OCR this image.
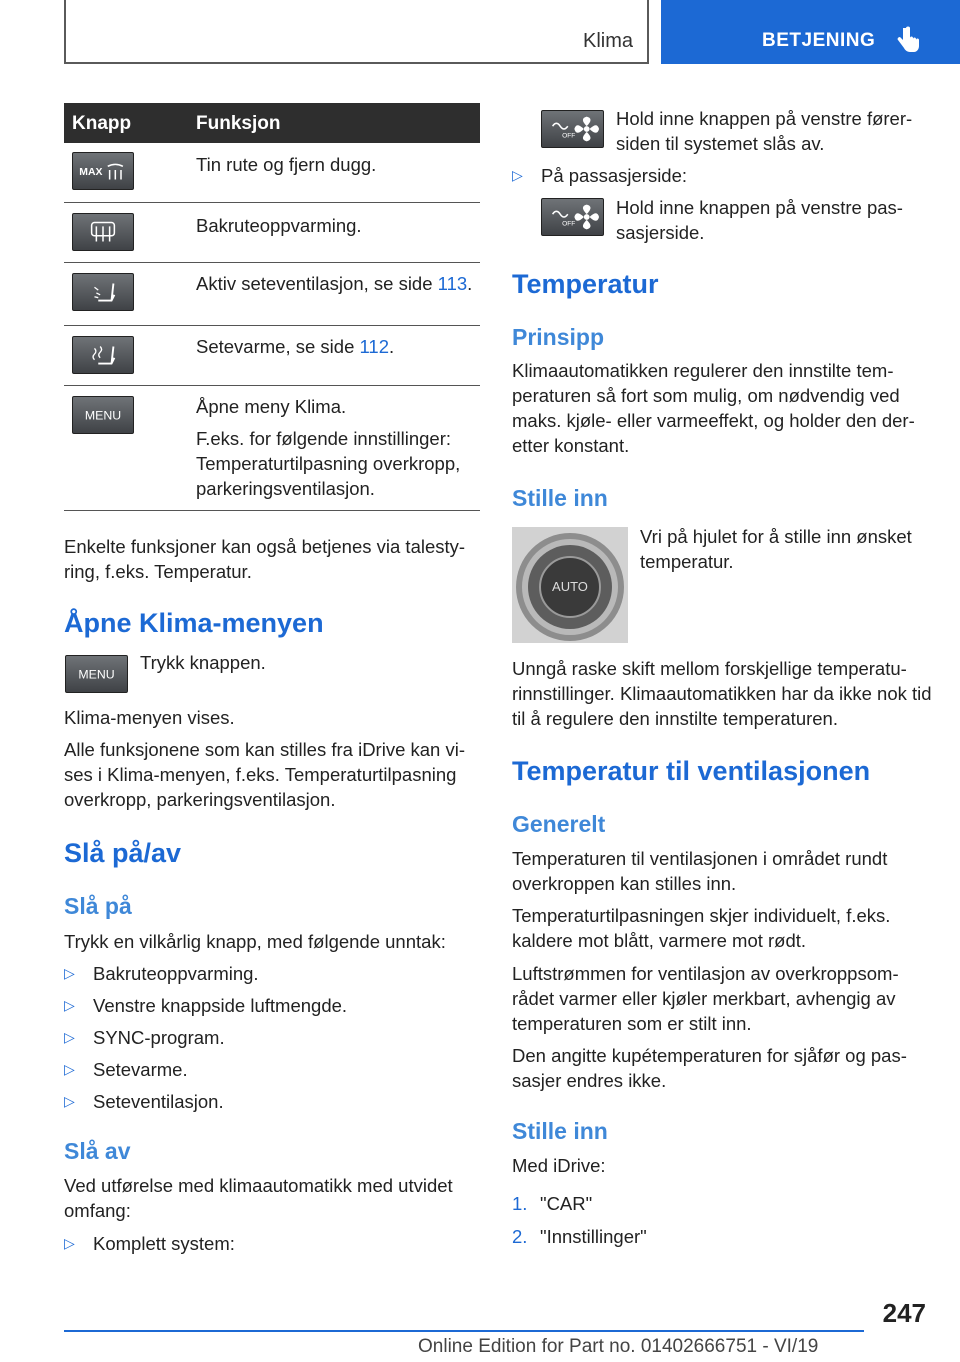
Klima	BETJENING
Knapp	Funksjon
MAX	Tin rute og fjern dugg.
Bakruteoppvarming.
Aktiv seteventilasjon, se side 113.
Setevarme, se side 112.
MENU	Åpne meny Klima.
F.eks. for følgende innstillinger: Temperaturtilpasning overkropp, parkeringsventilasjon.
Enkelte funksjoner kan også betjenes via talestyring, f.eks. Temperatur.
Åpne Klima-menyen
MENU
Trykk knappen.
Klima-menyen vises.
Alle funksjonene som kan stilles fra iDrive kan vises i Klima-menyen, f.eks. Temperaturtilpasning overkropp, parkeringsventilasjon.
Slå på/av
Slå på
Trykk en vilkårlig knapp, med følgende unntak:
▷ Bakruteoppvarming.
▷ Venstre knappside luftmengde.
▷ SYNC-program.
▷ Setevarme.
▷ Seteventilasjon.
Slå av
Ved utførelse med klimaautomatikk med utvidet omfang:
▷ Komplett system:
OFF
Hold inne knappen på venstre førersiden til systemet slås av.
▷ På passasjerside:
OFF
Hold inne knappen på venstre passasjerside.
Temperatur
Prinsipp
Klimaautomatikken regulerer den innstilte temperaturen så fort som mulig, om nødvendig ved maks. kjøle- eller varmeeffekt, og holder den deretter konstant.
Stille inn
AUTO
Vri på hjulet for å stille inn ønsket temperatur.
Unngå raske skift mellom forskjellige temperaturinnstillinger. Klimaautomatikken har da ikke nok tid til å regulere den innstilte temperaturen.
Temperatur til ventilasjonen
Generelt
Temperaturen til ventilasjonen i området rundt overkroppen kan stilles inn.
Temperaturtilpasningen skjer individuelt, f.eks. kaldere mot blått, varmere mot rødt.
Luftstrømmen for ventilasjon av overkroppsområdet varmer eller kjøler merkbart, avhengig av temperaturen som er stilt inn.
Den angitte kupétemperaturen for sjåfør og passasjer endres ikke.
Stille inn
Med iDrive:
1. "CAR"
2. "Innstillinger"
247
Online Edition for Part no. 01402666751 - VI/19
